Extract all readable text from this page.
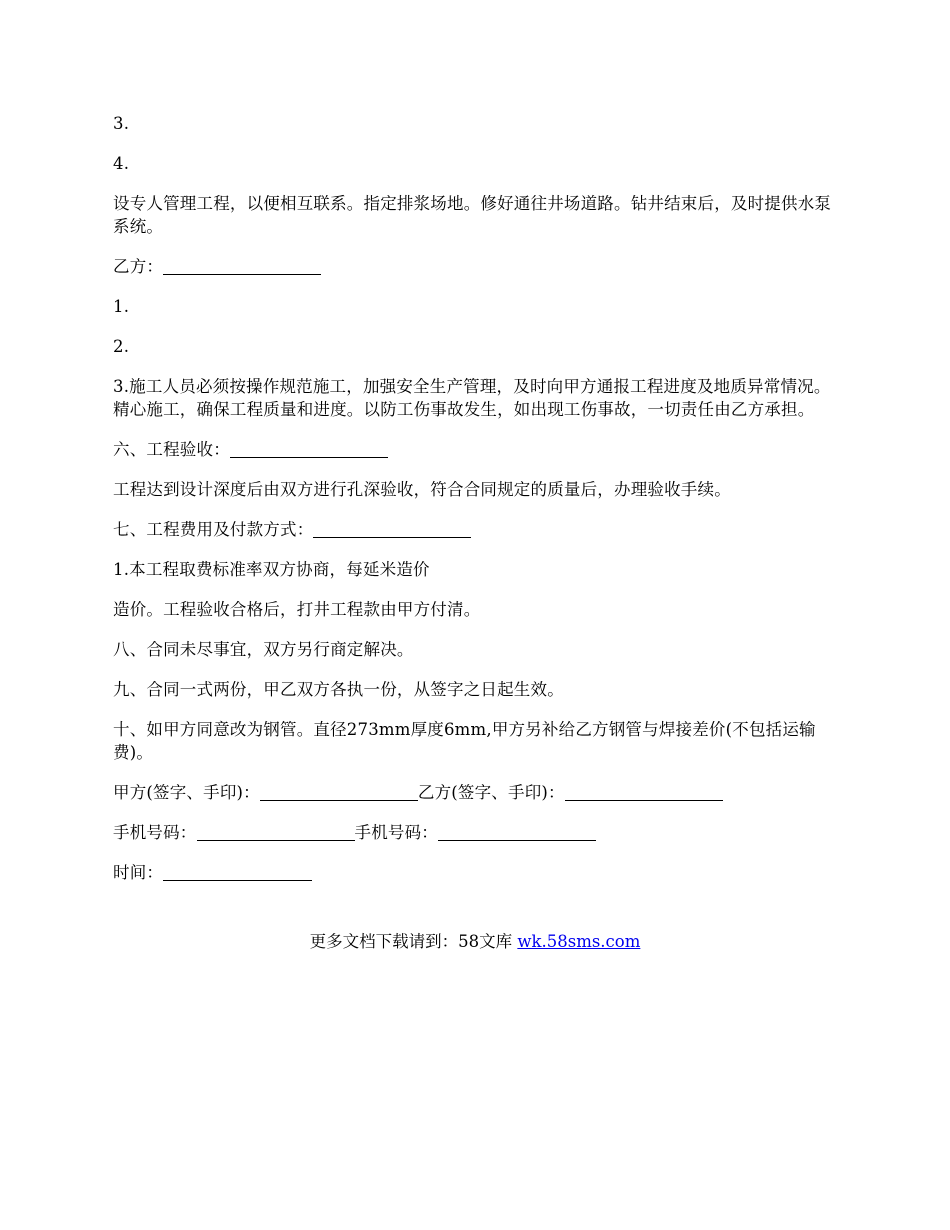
3.

4.

设专人管理工程，以便相互联系。指定排浆场地。修好通往井场道路。钻井结束后，及时提供水泵系统。

乙方：

1.

2.

3.施工人员必须按操作规范施工，加强安全生产管理，及时向甲方通报工程进度及地质异常情况。精心施工，确保工程质量和进度。以防工伤事故发生，如出现工伤事故，一切责任由乙方承担。

六、工程验收：

工程达到设计深度后由双方进行孔深验收，符合合同规定的质量后，办理验收手续。

七、工程费用及付款方式：

1.本工程取费标准率双方协商，每延米造价

造价。工程验收合格后，打井工程款由甲方付清。

八、合同未尽事宜，双方另行商定解决。

九、合同一式两份，甲乙双方各执一份，从签字之日起生效。

十、如甲方同意改为钢管。直径273mm厚度6mm,甲方另补给乙方钢管与焊接差价(不包括运输费)。

甲方(签字、手印)：	乙方(签字、手印)：

手机号码：	手机号码：

时间：

更多文档下载请到：58文库 wk.58sms.com
